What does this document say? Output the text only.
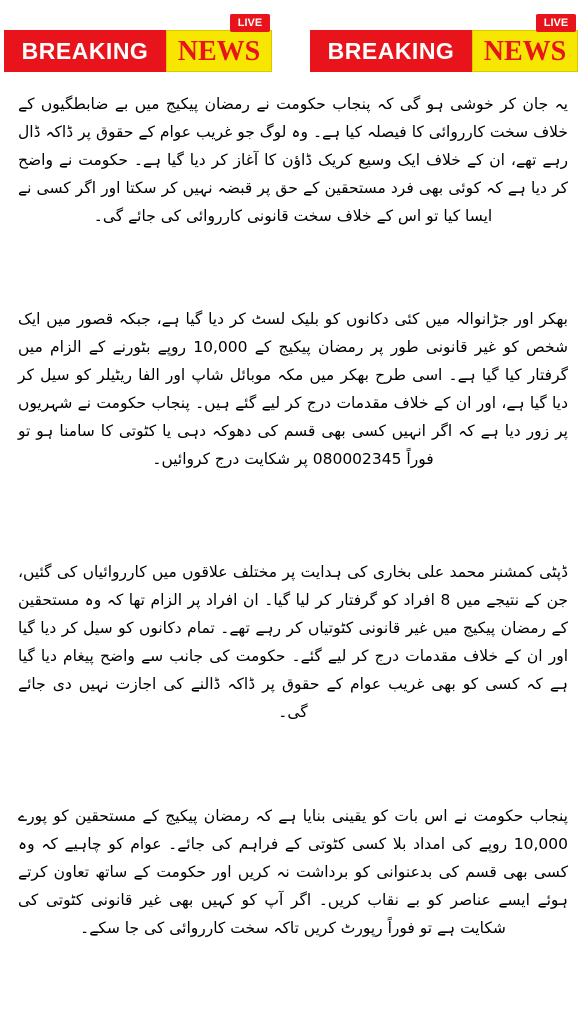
BREAKING	NEWS
LIVE
BREAKING	NEWS
LIVE

یہ جان کر خوشی ہو گی کہ پنجاب حکومت نے رمضان پیکیج میں بے ضابطگیوں کے خلاف سخت کارروائی کا فیصلہ کیا ہے۔ وہ لوگ جو غریب عوام کے حقوق پر ڈاکہ ڈال رہے تھے، ان کے خلاف ایک وسیع کریک ڈاؤن کا آغاز کر دیا گیا ہے۔ حکومت نے واضح کر دیا ہے کہ کوئی بھی فرد مستحقین کے حق پر قبضہ نہیں کر سکتا اور اگر کسی نے ایسا کیا تو اس کے خلاف سخت قانونی کارروائی کی جائے گی۔

بھکر اور جڑانوالہ میں کئی دکانوں کو بلیک لسٹ کر دیا گیا ہے، جبکہ قصور میں ایک شخص کو غیر قانونی طور پر رمضان پیکیج کے 10,000 روپے بٹورنے کے الزام میں گرفتار کیا گیا ہے۔ اسی طرح بھکر میں مکہ موبائل شاپ اور الفا ریٹیلر کو سیل کر دیا گیا ہے، اور ان کے خلاف مقدمات درج کر لیے گئے ہیں۔ پنجاب حکومت نے شہریوں پر زور دیا ہے کہ اگر انہیں کسی بھی قسم کی دھوکہ دہی یا کٹوتی کا سامنا ہو تو فوراً 080002345 پر شکایت درج کروائیں۔

ڈپٹی کمشنر محمد علی بخاری کی ہدایت پر مختلف علاقوں میں کارروائیاں کی گئیں، جن کے نتیجے میں 8 افراد کو گرفتار کر لیا گیا۔ ان افراد پر الزام تھا کہ وہ مستحقین کے رمضان پیکیج میں غیر قانونی کٹوتیاں کر رہے تھے۔ تمام دکانوں کو سیل کر دیا گیا اور ان کے خلاف مقدمات درج کر لیے گئے۔ حکومت کی جانب سے واضح پیغام دیا گیا ہے کہ کسی کو بھی غریب عوام کے حقوق پر ڈاکہ ڈالنے کی اجازت نہیں دی جائے گی۔

پنجاب حکومت نے اس بات کو یقینی بنایا ہے کہ رمضان پیکیج کے مستحقین کو پورے 10,000 روپے کی امداد بلا کسی کٹوتی کے فراہم کی جائے۔ عوام کو چاہیے کہ وہ کسی بھی قسم کی بدعنوانی کو برداشت نہ کریں اور حکومت کے ساتھ تعاون کرتے ہوئے ایسے عناصر کو بے نقاب کریں۔ اگر آپ کو کہیں بھی غیر قانونی کٹوتی کی شکایت ہے تو فوراً رپورٹ کریں تاکہ سخت کارروائی کی جا سکے۔
